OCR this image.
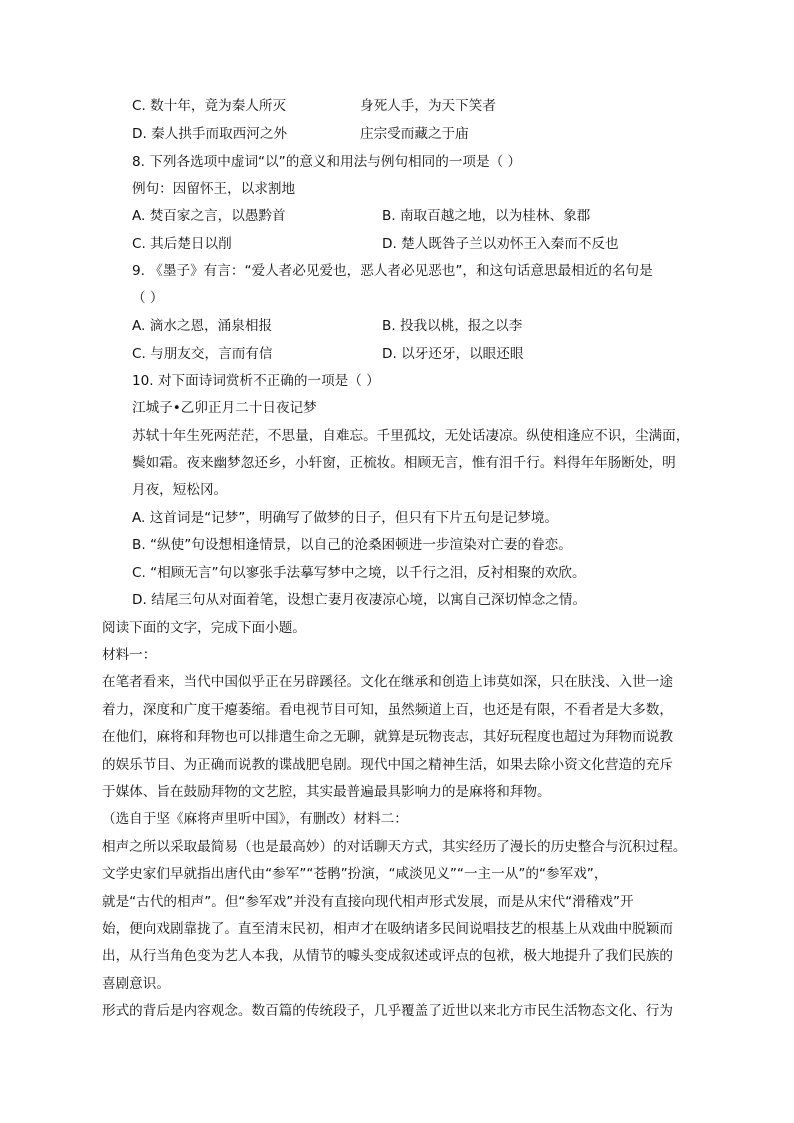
C. 数十年，竟为秦人所灭	身死人手，为天下笑者
D. 秦人拱手而取西河之外	庄宗受而藏之于庙
8. 下列各选项中虚词“以”的意义和用法与例句相同的一项是（ ）
例句：因留怀王，以求割地
A. 焚百家之言，以愚黔首	B. 南取百越之地，以为桂林、象郡
C. 其后楚日以削	D. 楚人既咎子兰以劝怀王入秦而不反也
9. 《墨子》有言：“爱人者必见爱也，恶人者必见恶也”，和这句话意思最相近的名句是
（ ）
A. 滴水之恩，涌泉相报	B. 投我以桃，报之以李
C. 与朋友交，言而有信	D. 以牙还牙，以眼还眼
10. 对下面诗词赏析不正确的一项是（ ）
江城子•乙卯正月二十日夜记梦
苏轼十年生死两茫茫，不思量，自难忘。千里孤坟，无处话凄凉。纵使相逢应不识，尘满面，
鬓如霜。夜来幽梦忽还乡，小轩窗，正梳妆。相顾无言，惟有泪千行。料得年年肠断处，明
月夜，短松冈。
A. 这首词是“记梦”，明确写了做梦的日子，但只有下片五句是记梦境。
B. “纵使”句设想相逢情景，以自己的沧桑困顿进一步渲染对亡妻的眷恋。
C. “相顾无言”句以寥张手法摹写梦中之境，以千行之泪，反衬相聚的欢欣。
D. 结尾三句从对面着笔，设想亡妻月夜凄凉心境，以寓自己深切悼念之情。
阅读下面的文字，完成下面小题。
材料一：
在笔者看来，当代中国似乎正在另辟蹊径。文化在继承和创造上讳莫如深，只在肤浅、入世一途
着力，深度和广度干瘪萎缩。看电视节目可知，虽然频道上百，也还是有限，不看者是大多数，
在他们，麻将和拜物也可以排遣生命之无聊，就算是玩物丧志，其好玩程度也超过为拜物而说教
的娱乐节目、为正确而说教的谍战肥皂剧。现代中国之精神生活，如果去除小资文化营造的充斥
于媒体、旨在鼓励拜物的文艺腔，其实最普遍最具影响力的是麻将和拜物。
（选自于坚《麻将声里听中国》，有删改）材料二：
相声之所以采取最简易（也是最高妙）的对话聊天方式，其实经历了漫长的历史整合与沉积过程。
文学史家们早就指出唐代由“参军”“苍鹘”扮演，“咸淡见义”“一主一从”的“参军戏”，
就是“古代的相声”。但“参军戏”并没有直接向现代相声形式发展，而是从宋代“滑稽戏”开
始，便向戏剧靠拢了。直至清末民初，相声才在吸纳诸多民间说唱技艺的根基上从戏曲中脱颖而
出，从行当角色变为艺人本我，从情节的噱头变成叙述或评点的包袱，极大地提升了我们民族的
喜剧意识。
形式的背后是内容观念。数百篇的传统段子，几乎覆盖了近世以来北方市民生活物态文化、行为
